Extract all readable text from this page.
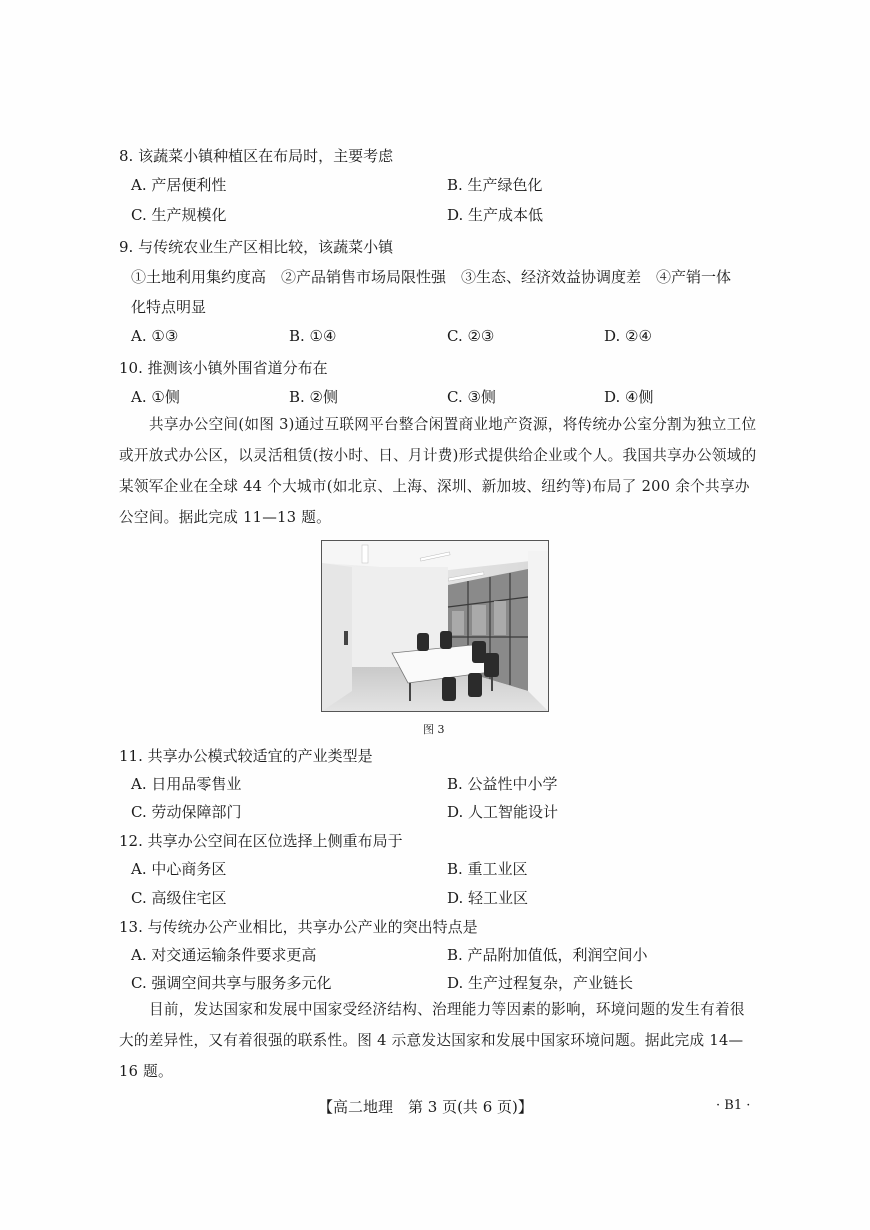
8. 该蔬菜小镇种植区在布局时，主要考虑
A. 产居便利性	B. 生产绿色化
C. 生产规模化	D. 生产成本低
9. 与传统农业生产区相比较，该蔬菜小镇
①土地利用集约度高　②产品销售市场局限性强　③生态、经济效益协调度差　④产销一体
化特点明显
A. ①③	B. ①④	C. ②③	D. ②④
10. 推测该小镇外围省道分布在
A. ①侧	B. ②侧	C. ③侧	D. ④侧
共享办公空间(如图 3)通过互联网平台整合闲置商业地产资源，将传统办公室分割为独立工位或开放式办公区，以灵活租赁(按小时、日、月计费)形式提供给企业或个人。我国共享办公领域的某领军企业在全球 44 个大城市(如北京、上海、深圳、新加坡、纽约等)布局了 200 余个共享办公空间。据此完成 11—13 题。
图 3
11. 共享办公模式较适宜的产业类型是
A. 日用品零售业	B. 公益性中小学
C. 劳动保障部门	D. 人工智能设计
12. 共享办公空间在区位选择上侧重布局于
A. 中心商务区	B. 重工业区
C. 高级住宅区	D. 轻工业区
13. 与传统办公产业相比，共享办公产业的突出特点是
A. 对交通运输条件要求更高	B. 产品附加值低，利润空间小
C. 强调空间共享与服务多元化	D. 生产过程复杂，产业链长
目前，发达国家和发展中国家受经济结构、治理能力等因素的影响，环境问题的发生有着很大的差异性，又有着很强的联系性。图 4 示意发达国家和发展中国家环境问题。据此完成 14—16 题。
【高二地理　第 3 页(共 6 页)】	· B1 ·
